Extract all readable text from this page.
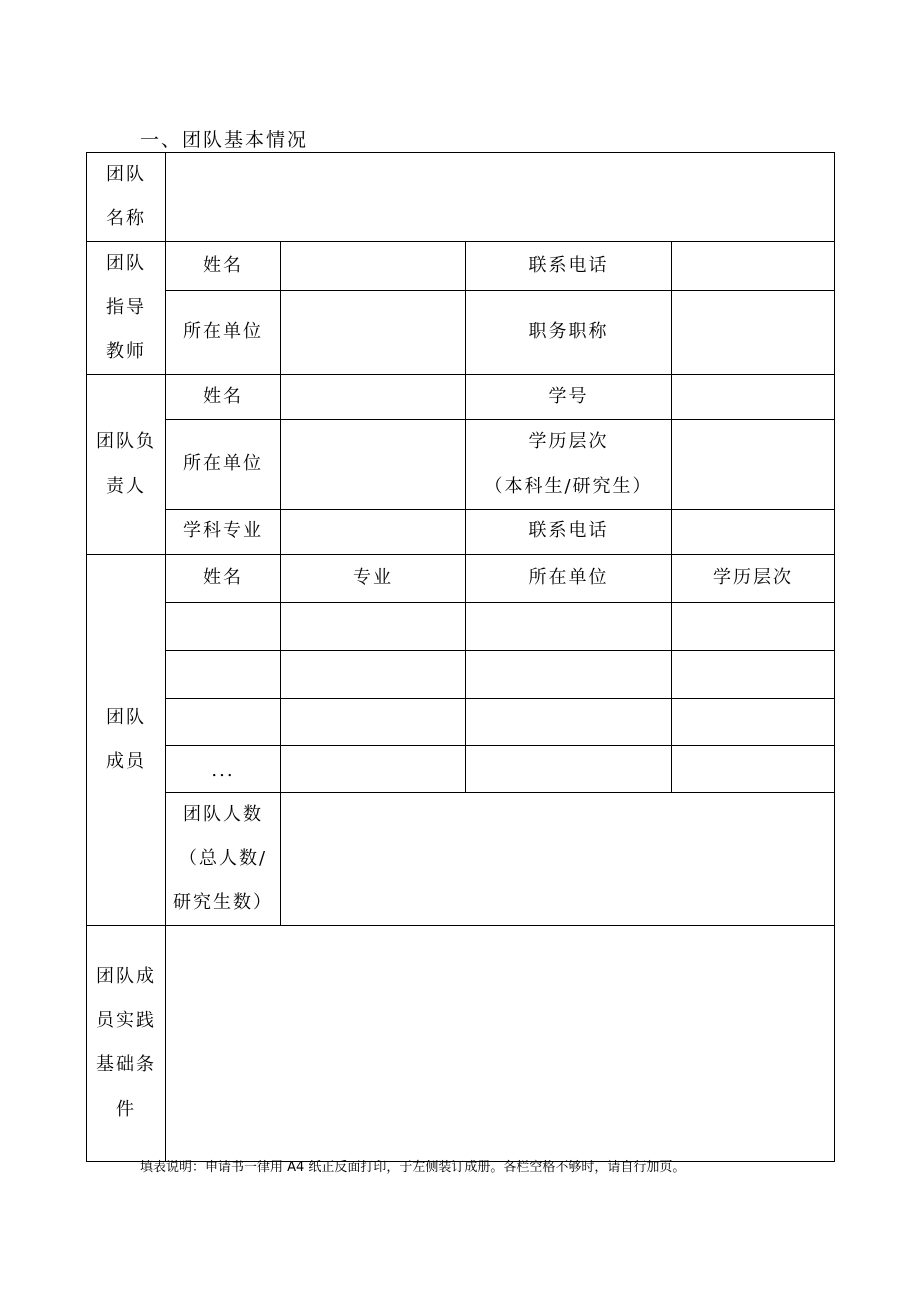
一、团队基本情况
团队
名称				

团队
指导
教师	姓名		联系电话	
	所在单位		职务职称	

团队负
责人	姓名		学号	
	所在单位		学历层次
（本科生/研究生）	

	学科专业		联系电话	

团队
成员	姓名	专业	所在单位	学历层次

	...			

	团队人数
（总人数/
研究生数）			

团队成
员实践
基础条
件				

填表说明：申请书一律用 A4 纸正反面打印，于左侧装订成册。各栏空格不够时，请自行加页。
